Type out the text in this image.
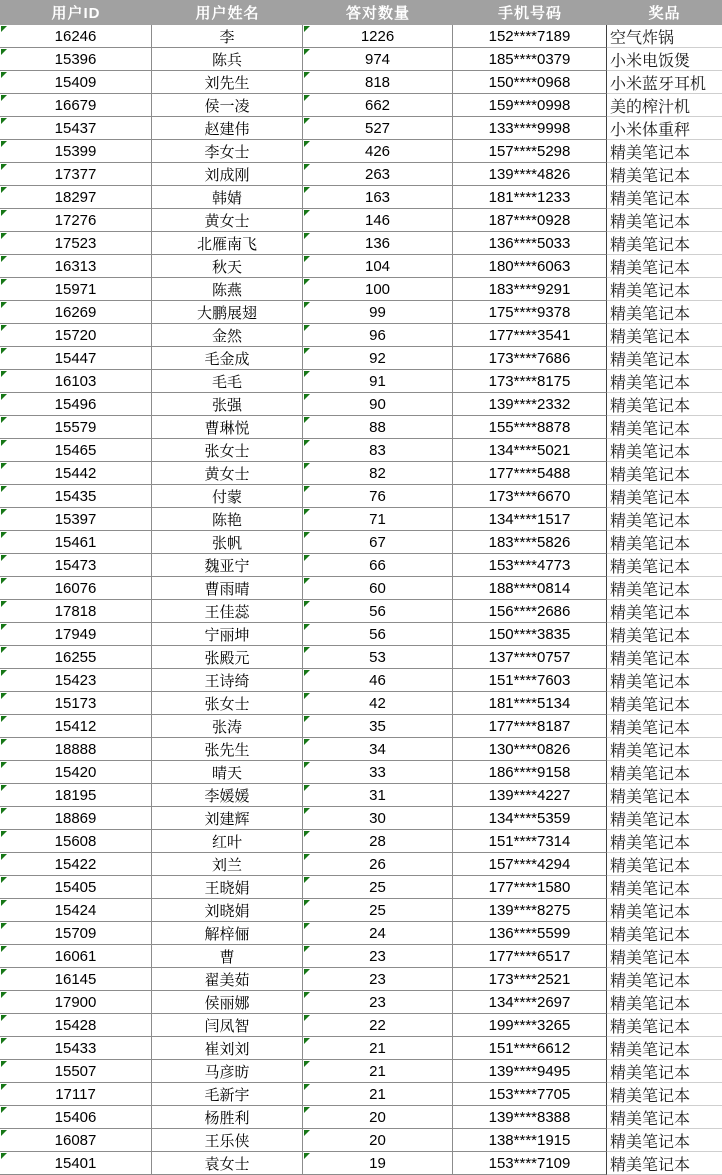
用户ID	用户姓名	答对数量	手机号码	奖品
16246	李	1226	152****7189 空气炸锅
15396	陈兵	974	185****0379 小米电饭煲
15409	刘先生	818	150****0968 小米蓝牙耳机
16679	侯一凌	662	159****0998 美的榨汁机
15437	赵建伟	527	133****9998 小米体重秤
15399	李女士	426	157****5298 精美笔记本
17377	刘成刚	263	139****4826 精美笔记本
18297	韩婧	163	181****1233 精美笔记本
17276	黄女士	146	187****0928 精美笔记本
17523	北雁南飞	136	136****5033 精美笔记本
16313	秋天	104	180****6063 精美笔记本
15971	陈燕	100	183****9291 精美笔记本
16269	大鹏展翅	99	175****9378 精美笔记本
15720	金然	96	177****3541 精美笔记本
15447	毛金成	92	173****7686 精美笔记本
16103	毛毛	91	173****8175 精美笔记本
15496	张强	90	139****2332 精美笔记本
15579	曹琳悦	88	155****8878 精美笔记本
15465	张女士	83	134****5021 精美笔记本
15442	黄女士	82	177****5488 精美笔记本
15435	付蒙	76	173****6670 精美笔记本
15397	陈艳	71	134****1517 精美笔记本
15461	张帆	67	183****5826 精美笔记本
15473	魏亚宁	66	153****4773 精美笔记本
16076	曹雨晴	60	188****0814 精美笔记本
17818	王佳蕊	56	156****2686 精美笔记本
17949	宁丽坤	56	150****3835 精美笔记本
16255	张殿元	53	137****0757 精美笔记本
15423	王诗绮	46	151****7603 精美笔记本
15173	张女士	42	181****5134 精美笔记本
15412	张涛	35	177****8187 精美笔记本
18888	张先生	34	130****0826 精美笔记本
15420	晴天	33	186****9158 精美笔记本
18195	李媛媛	31	139****4227 精美笔记本
18869	刘建辉	30	134****5359 精美笔记本
15608	红叶	28	151****7314 精美笔记本
15422	刘兰	26	157****4294 精美笔记本
15405	王晓娟	25	177****1580 精美笔记本
15424	刘晓娟	25	139****8275 精美笔记本
15709	解梓俪	24	136****5599 精美笔记本
16061	曹	23	177****6517 精美笔记本
16145	翟美茹	23	173****2521 精美笔记本
17900	侯丽娜	23	134****2697 精美笔记本
15428	闫凤智	22	199****3265 精美笔记本
15433	崔刘刘	21	151****6612 精美笔记本
15507	马彦昉	21	139****9495 精美笔记本
17117	毛新宇	21	153****7705 精美笔记本
15406	杨胜利	20	139****8388 精美笔记本
16087	王乐侠	20	138****1915 精美笔记本
15401	袁女士	19	153****7109 精美笔记本
